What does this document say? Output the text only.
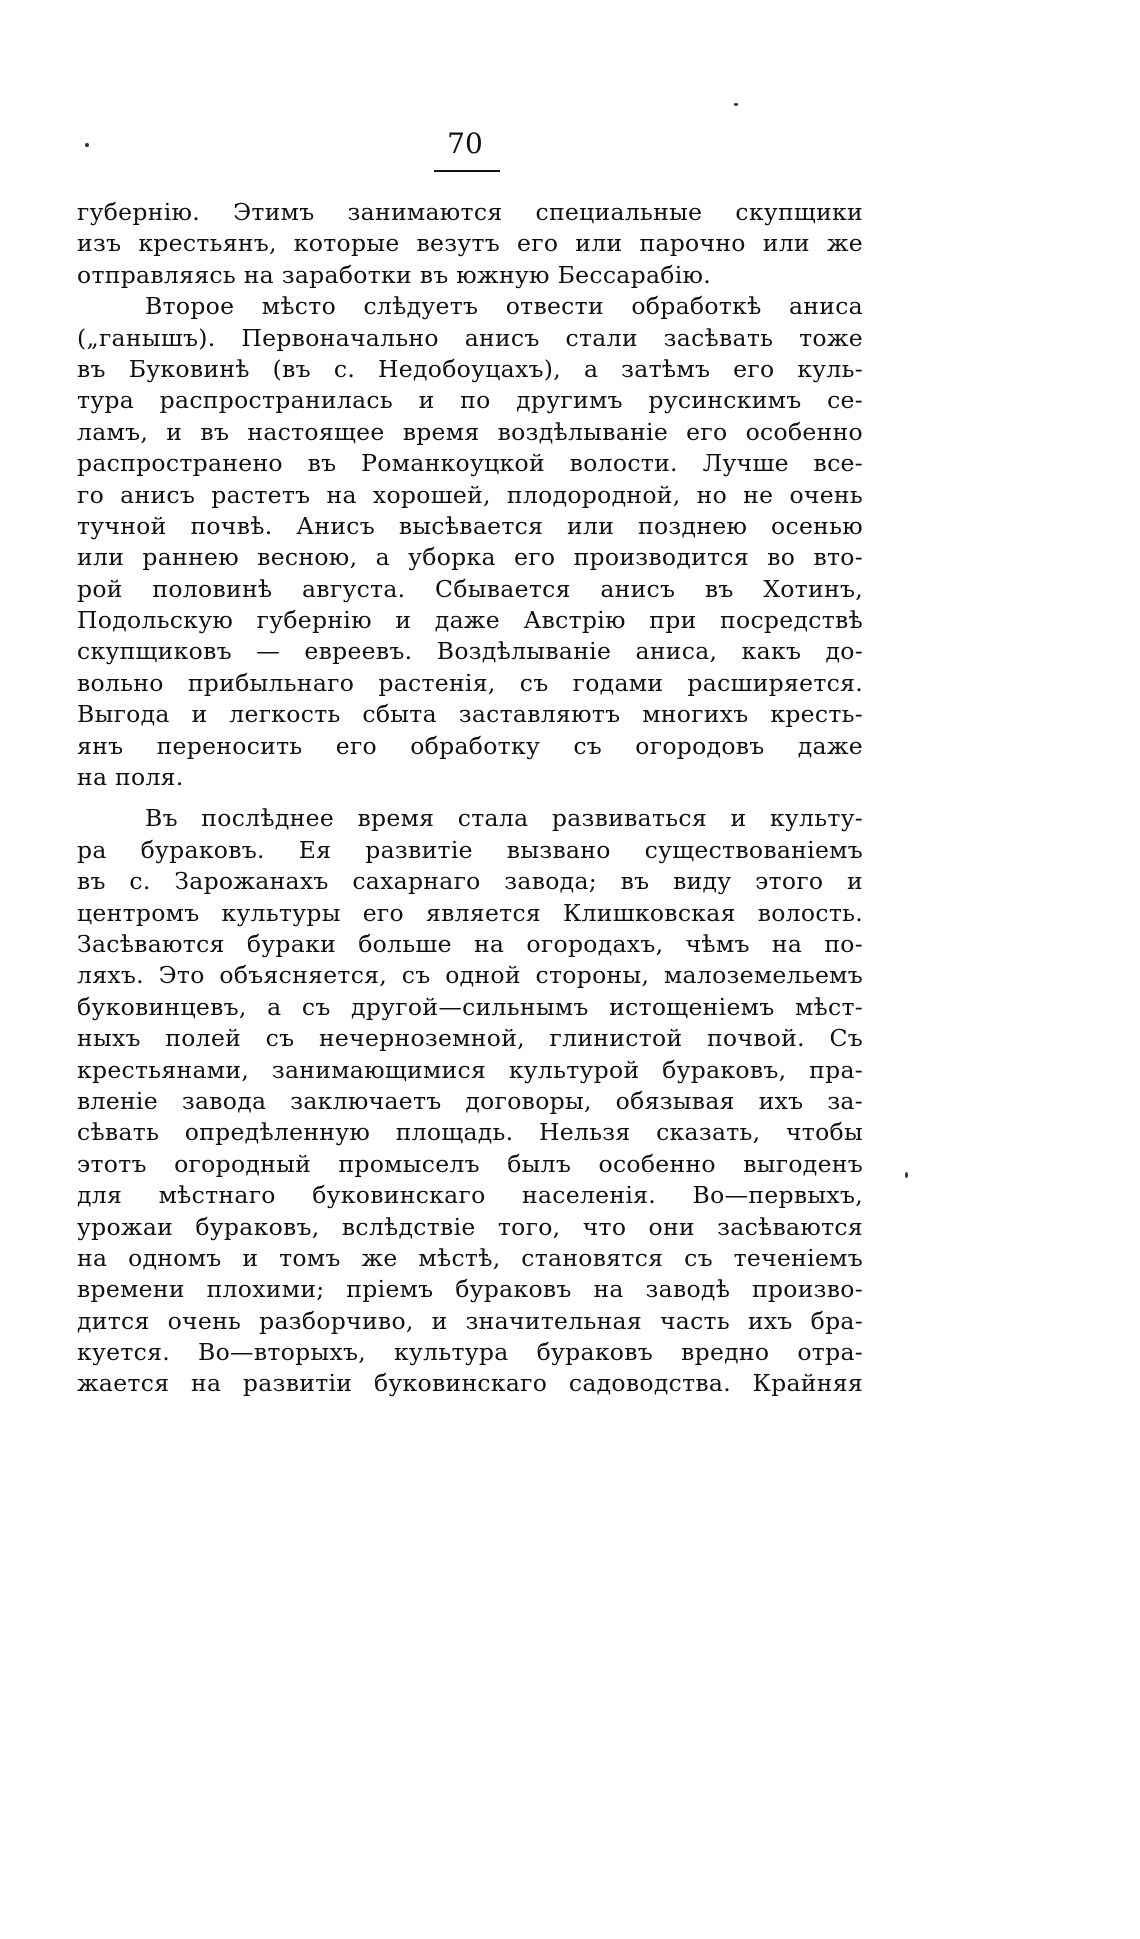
70
губернію. Этимъ занимаются специальные скупщики
изъ крестьянъ, которые везутъ его или парочно или же
отправляясь на заработки въ южную Бессарабію.
Второе мѣсто слѣдуетъ отвести обработкѣ аниса
(„ганышъ). Первоначально анисъ стали засѣвать тоже
въ Буковинѣ (въ с. Недобоуцахъ), а затѣмъ его куль-
тура распространилась и по другимъ русинскимъ се-
ламъ, и въ настоящее время воздѣлываніе его особенно
распространено въ Романкоуцкой волости. Лучше все-
го анисъ растетъ на хорошей, плодородной, но не очень
тучной почвѣ. Анисъ высѣвается или позднею осенью
или раннею весною, а уборка его производится во вто-
рой половинѣ августа. Сбывается анисъ въ Хотинъ,
Подольскую губернію и даже Австрію при посредствѣ
скупщиковъ — евреевъ. Воздѣлываніе аниса, какъ до-
вольно прибыльнаго растенія, съ годами расширяется.
Выгода и легкость сбыта заставляютъ многихъ кресть-
янъ переносить его обработку съ огородовъ даже
на поля.
Въ послѣднее время стала развиваться и культу-
ра бураковъ. Ея развитіе вызвано существованіемъ
въ с. Зарожанахъ сахарнаго завода; въ виду этого и
центромъ культуры его является Клишковская волость.
Засѣваются бураки больше на огородахъ, чѣмъ на по-
ляхъ. Это объясняется, съ одной стороны, малоземельемъ
буковинцевъ, а съ другой—сильнымъ истощеніемъ мѣст-
ныхъ полей съ нечерноземной, глинистой почвой. Съ
крестьянами, занимающимися культурой бураковъ, пра-
вленіе завода заключаетъ договоры, обязывая ихъ за-
сѣвать опредѣленную площадь. Нельзя сказать, чтобы
этотъ огородный промыселъ былъ особенно выгоденъ
для мѣстнаго буковинскаго населенія. Во—первыхъ,
урожаи бураковъ, вслѣдствіе того, что они засѣваются
на одномъ и томъ же мѣстѣ, становятся съ теченіемъ
времени плохими; пріемъ бураковъ на заводѣ произво-
дится очень разборчиво, и значительная часть ихъ бра-
куется. Во—вторыхъ, культура бураковъ вредно отра-
жается на развитіи буковинскаго садоводства. Крайняя
